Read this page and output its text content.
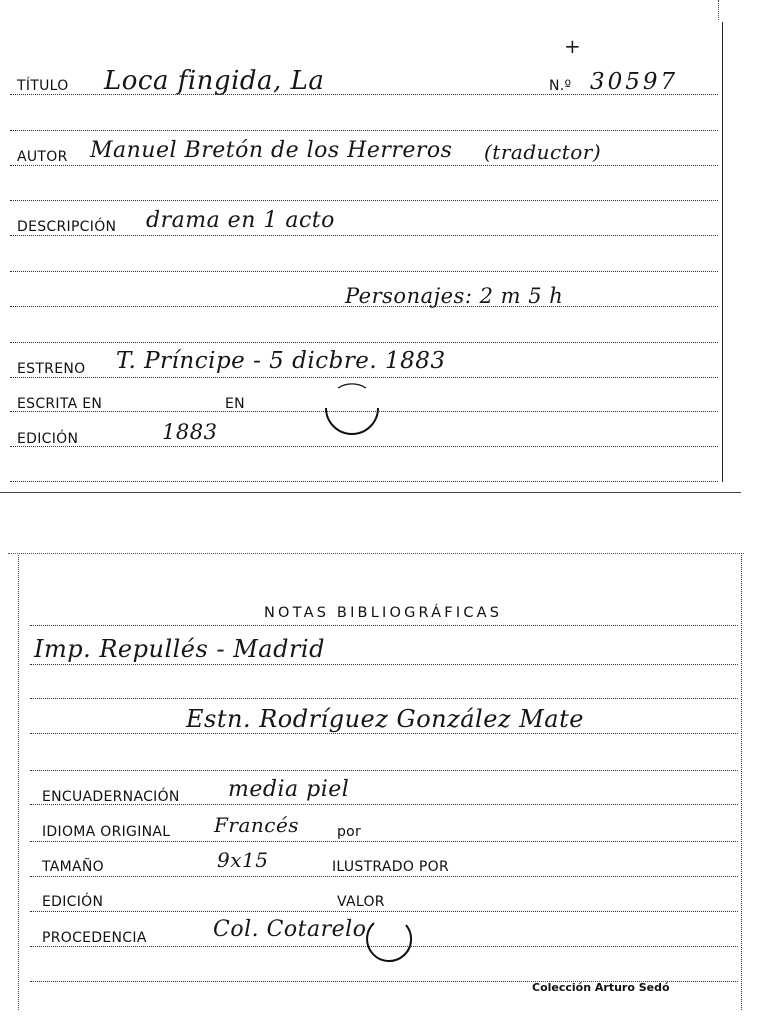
+
TÍTULO Loca fingida, La	N.º 30597
AUTOR Manuel Bretón de los Herreros (traductor)
DESCRIPCIÓN drama en 1 acto
Personajes: 2 m 5 h
ESTRENO T. Príncipe - 5 dicbre. 1883
ESCRITA EN	EN
EDICIÓN	1883
NOTAS BIBLIOGRÁFICAS
Imp. Repullés - Madrid
Estn. Rodríguez González Mate
ENCUADERNACIÓN media piel
IDIOMA ORIGINAL Francés	por
TAMAÑO	9x15	ILUSTRADO POR
EDICIÓN	VALOR
PROCEDENCIA	Col. Cotarelo
Colección Arturo Sedó
